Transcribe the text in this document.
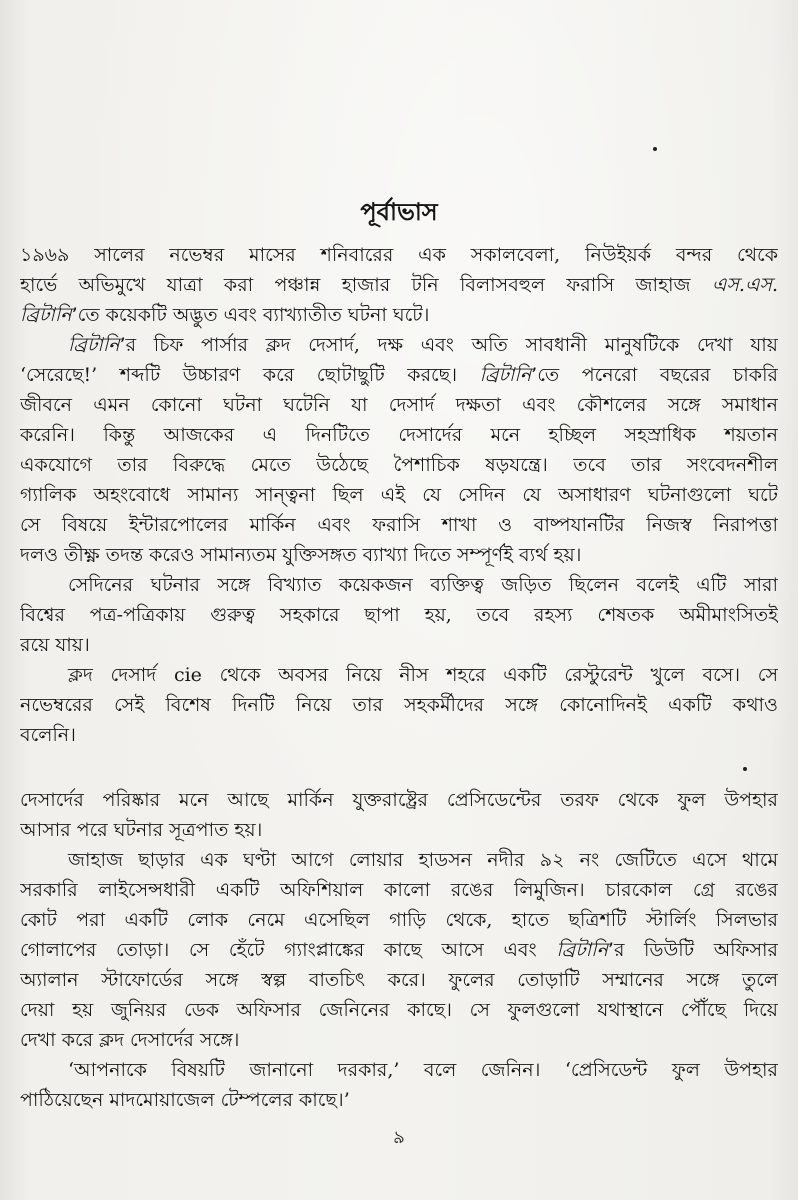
পূর্বাভাস
১৯৬৯ সালের নভেম্বর মাসের শনিবারের এক সকালবেলা, নিউইয়র্ক বন্দর থেকে
হার্ভে অভিমুখে যাত্রা করা পঞ্চান্ন হাজার টনি বিলাসবহুল ফরাসি জাহাজ এস.এস.
ব্রিটানি’তে কয়েকটি অদ্ভুত এবং ব্যাখ্যাতীত ঘটনা ঘটে।
ব্রিটানি’র চিফ পার্সার ক্লদ দেসার্দ, দক্ষ এবং অতি সাবধানী মানুষটিকে দেখা যায়
‘সেরেছে!’ শব্দটি উচ্চারণ করে ছোটাছুটি করছে। ব্রিটানি’তে পনেরো বছরের চাকরি
জীবনে এমন কোনো ঘটনা ঘটেনি যা দেসার্দ দক্ষতা এবং কৌশলের সঙ্গে সমাধান
করেনি। কিন্তু আজকের এ দিনটিতে দেসার্দের মনে হচ্ছিল সহস্রাধিক শয়তান
একযোগে তার বিরুদ্ধে মেতে উঠেছে পৈশাচিক ষড়যন্ত্রে। তবে তার সংবেদনশীল
গ্যালিক অহংবোধে সামান্য সান্ত্বনা ছিল এই যে সেদিন যে অসাধারণ ঘটনাগুলো ঘটে
সে বিষয়ে ইন্টারপোলের মার্কিন এবং ফরাসি শাখা ও বাষ্পযানটির নিজস্ব নিরাপত্তা
দলও তীক্ষ্ণ তদন্ত করেও সামান্যতম যুক্তিসঙ্গত ব্যাখ্যা দিতে সম্পূর্ণই ব্যর্থ হয়।
সেদিনের ঘটনার সঙ্গে বিখ্যাত কয়েকজন ব্যক্তিত্ব জড়িত ছিলেন বলেই এটি সারা
বিশ্বের পত্র-পত্রিকায় গুরুত্ব সহকারে ছাপা হয়, তবে রহস্য শেষতক অমীমাংসিতই
রয়ে যায়।
ক্লদ দেসার্দ cie থেকে অবসর নিয়ে নীস শহরে একটি রেস্টুরেন্ট খুলে বসে। সে
নভেম্বরের সেই বিশেষ দিনটি নিয়ে তার সহকর্মীদের সঙ্গে কোনোদিনই একটি কথাও
বলেনি।
দেসার্দের পরিষ্কার মনে আছে মার্কিন যুক্তরাষ্ট্রের প্রেসিডেন্টের তরফ থেকে ফুল উপহার
আসার পরে ঘটনার সূত্রপাত হয়।
জাহাজ ছাড়ার এক ঘণ্টা আগে লোয়ার হাডসন নদীর ৯২ নং জেটিতে এসে থামে
সরকারি লাইসেন্সধারী একটি অফিশিয়াল কালো রঙের লিমুজিন। চারকোল গ্রে রঙের
কোট পরা একটি লোক নেমে এসেছিল গাড়ি থেকে, হাতে ছত্রিশটি স্টার্লিং সিলভার
গোলাপের তোড়া। সে হেঁটে গ্যাংপ্লাঙ্কের কাছে আসে এবং ব্রিটানি’র ডিউটি অফিসার
অ্যালান স্টাফোর্ডের সঙ্গে স্বল্প বাতচিৎ করে। ফুলের তোড়াটি সম্মানের সঙ্গে তুলে
দেয়া হয় জুনিয়র ডেক অফিসার জেনিনের কাছে। সে ফুলগুলো যথাস্থানে পৌঁছে দিয়ে
দেখা করে ক্লদ দেসার্দের সঙ্গে।
‘আপনাকে বিষয়টি জানানো দরকার,’ বলে জেনিন। ‘প্রেসিডেন্ট ফুল উপহার
পাঠিয়েছেন মাদমোয়াজেল টেম্পলের কাছে।’
৯
